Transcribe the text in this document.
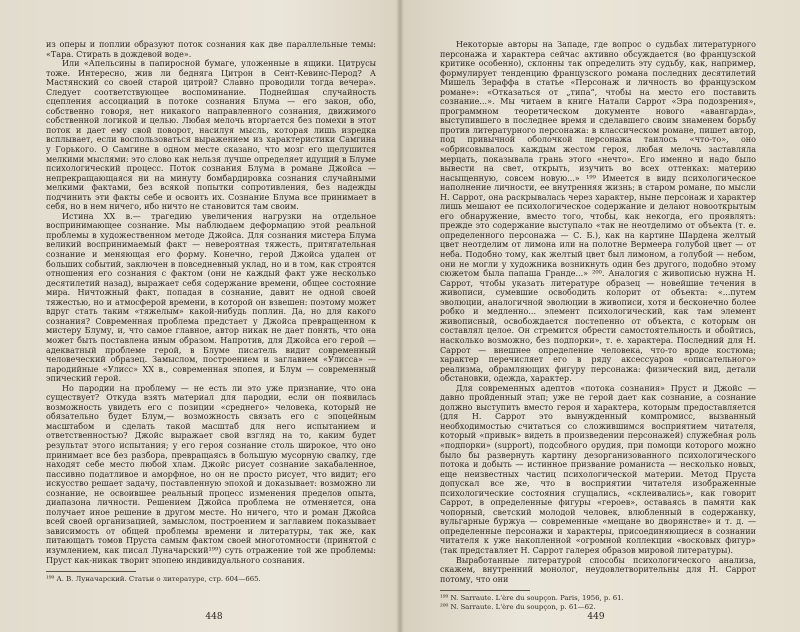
из оперы и поплии образуют поток сознания как две параллельные темы: «Тара. Стирать в дождевой воде».

Или «Апельсины в папиросной бумаге, уложенные в ящики. Цитрусы тоже. Интересно, жив ли бедняга Цитрон в Сент-Кевинс-Перод? А Мастянский со своей старой цитрой? Славно проводили тогда вечера». Следует соответствующее воспоминание. Поднейшая случайность сцепления ассоциаций в потоке сознания Блума — его закон, обо, собственно говоря, нет никакого направленного сознания, движимого собственной логикой и целью. Любая мелочь вторгается без помехи в этот поток и дает ему свой поворот, насилуя мысль, которая лишь изредка всплывает, если воспользоваться выражением из характеристики Самгина у Горького. О Самгине в одном месте сказано, что мозг его щелушится мелкими мыслями: это слово как нельзя лучше определяет идущий в Блуме психологический процесс. Поток сознания Блума в романе Джойса — непрекращающаяся ни на минуту бомбардировка сознания случайными мелкими фактами, без всякой попытки сопротивления, без надежды подчинить эти факты себе и освоить их. Сознание Блума все принимает в себя, но в нем ничего, ибо ничто не становится там своим.

Истина XX в.— трагедию увеличения нагрузки на отдельное воспринимающее сознание. Мы наблюдаем деформацию этой реальной проблемы в художественном методе Джойса. Для сознания мистера Блума великий воспринимаемый факт — невероятная тяжесть, притягательная сознание и меняющая его форму. Конечно, герой Джойса удален от больших событий, заключен в повседневный уклад, но и в том, как строятся отношения его сознания с фактом (они не каждый факт уже несколько десятилетий назад), выражает себя содержание времени, общее состояние мира. Ничтожный факт, попадая в сознание, давит не одной своей тяжестью, но и атмосферой времени, в которой он взвешен: поэтому может вдруг стать таким «тяжелым» какой-нибудь поплин. Да, но для какого сознания? Современная проблема предстает у Джойса превращенном к мистеру Блуму, и, что самое главное, автор никак не дает понять, что она может быть поставлена иным образом. Напротив, для Джойса его герой — адекватный проблеме герой, в Блуме писатель видит современный человеческий образец. Замыслом, построением и заглавием «Улисса» — пародийные «Улисс» XX в., современная эпопея, и Блум — современный эпический герой.

Но пародии на проблему — не есть ли это уже признание, что она существует? Откуда взять материал для пародии, если он появилась возможность увидеть его с позиции «среднего» человека, который не обязательно будет Блум,— возможность связать его с эпоцейным масштабом и сделать такой масштаб для него испытанием и ответственностью? Джойс выражает свой взгляд на то, каким будет результат этого испытания; у его героя сознание столь широкое, что оно принимает все без разбора, превращаясь в большую мусорную свалку, где находят себе место любой хлам. Джойс рисует сознание закабаленное, пассивно податливое и аморфное, но он не просто рисует, что видит; его искусство решает задачу, поставленную эпохой и доказывает: возможно ли сознание, не освоившее реальный процесс изменения пределов опыта, диапазона личности. Решением Джойса проблема не отменяется, она получает иное решение в другом месте. Но ничего, что и роман Джойса всей своей организацией, замыслом, построением и заглавием показывает зависимость от общей проблемы времени и литературы, так же, как питающать томов Пруста самым фактом своей многотомности (принятой с изумлением, как писал Луначарский¹⁹⁹) суть отражение той же проблемы: Пруст как-никак творит эпопею индивидуального сознания.

¹⁹⁹ А. В. Луначарский. Статьи о литературе, стр. 604—665.
448

Некоторые авторы на Западе, где вопрос о судьбах литературного персонажа и характера сейчас активно обсуждается (во французской критике особенно), склонны так определить эту судьбу, как, например, формулирует тенденцию французского романа последних десятилетий Мишель Зераффа в статье «Персонаж и личность во французском романе»: «Отказаться от „типа“, чтобы на место его поставить сознание...». Мы читаем в книге Натали Саррот «Эра подозрения», программном теоретическом документе нового «авангарда», выступившего в последнее время и сделавшего своим знаменем борьбу против литературного персонажа: в классическом романе, пишет автор, под привычной оболочкой персонажа таилось «что-то», оно «обрисовывалось каждым жестом героя, любая мелочь заставляла мерцать, показывала грань этого «нечто». Его именно и надо было вывести на свет, открыть, изучить во всех оттенках: материю насыщенную, совсем новую...» ¹⁹⁹ Имеется в виду психологическое наполнение личности, ее внутренняя жизнь; в старом романе, по мысли Н. Саррот, она раскрывалась через характер, ныне персонаж и характер лишь мешают ее психологическое содержание и делают новооткрытым его обнаружение, вместо того, чтобы, как некогда, его проявлять: прежде это содержание выступало «так не неотделимо от объекта (т. е. определенного персонажа — С. Б.), как на картине Шардена желтый цвет неотделим от лимона или на полотне Вермеера голубой цвет — от неба. Подобно тому, как желтый цвет был лимоном, а голубой — небом, они не могли у художника возникнуть один без другого, подобно этому сюжетом была папаша Гранде...» ²⁰⁰. Аналогия с живописью нужна Н. Саррот, чтобы указать литературе образец — новейшие течения в живописи, сумевшие освободить колорит от объекта: «...путем эволюции, аналогичной эволюции в живописи, хотя и бесконечно более робко и медленно... элемент психологический, как там элемент живописный, освобождается постепенно от объекта, с которым он составлял целое. Он стремится обрести самостоятельность и обойтись, насколько возможно, без подпорки», т. е. характера. Последний для Н. Саррот — внешнее определение человека, что-то вроде костюма; характер перечисляет его в ряду аксессуаров «описательного» реализма, обрамляющих фигуру персонажа: физический вид, детали обстановки, одежда, характер.

Для современных адептов «потока сознания» Пруст и Джойс — давно пройденный этап; уже не герой дает как сознание, а сознание должно выступить вместо героя и характера, которым предоставляется (для Н. Саррот это вынужденный компромисс, вызванный необходимостью считаться со сложившимся восприятием читателя, который «привык» видеть в произведении персонажей) служебная роль «подпорки» (support), подсобного орудия, при помощи которого можно было бы развернуть картину дезорганизованного психологического потока и добыть — истинное призвание романиста — несколько новых, еще неизвестных частиц психологической материи. Метод Пруста допускал все же, что в восприятии читателя изображенные психологические состояния сгущались, «склеивались», как говорит Саррот, в определенные фигуры «героев», оставаясь в памяти как чопорный, светский молодой человек, влюбленный в содержанку, вульгарные буржуа — современные «мещане во дворянстве» и т. д. — определенные персонажи и характеры, присоединяющиеся в сознании читателя к уже накопленной «огромной коллекции «восковых фигур» (так представляет Н. Саррот галерея образов мировой литературы).

Выработанные литературой способы психологического анализа, скажем, внутренний монолог, неудовлетворительны для Н. Саррот потому, что они

¹⁹⁹ N. Sarraute. L'ère du soupçon. Paris, 1956, p. 61.
²⁰⁰ N. Sarraute. L'ère du soupçon, p. 61—62.
449
